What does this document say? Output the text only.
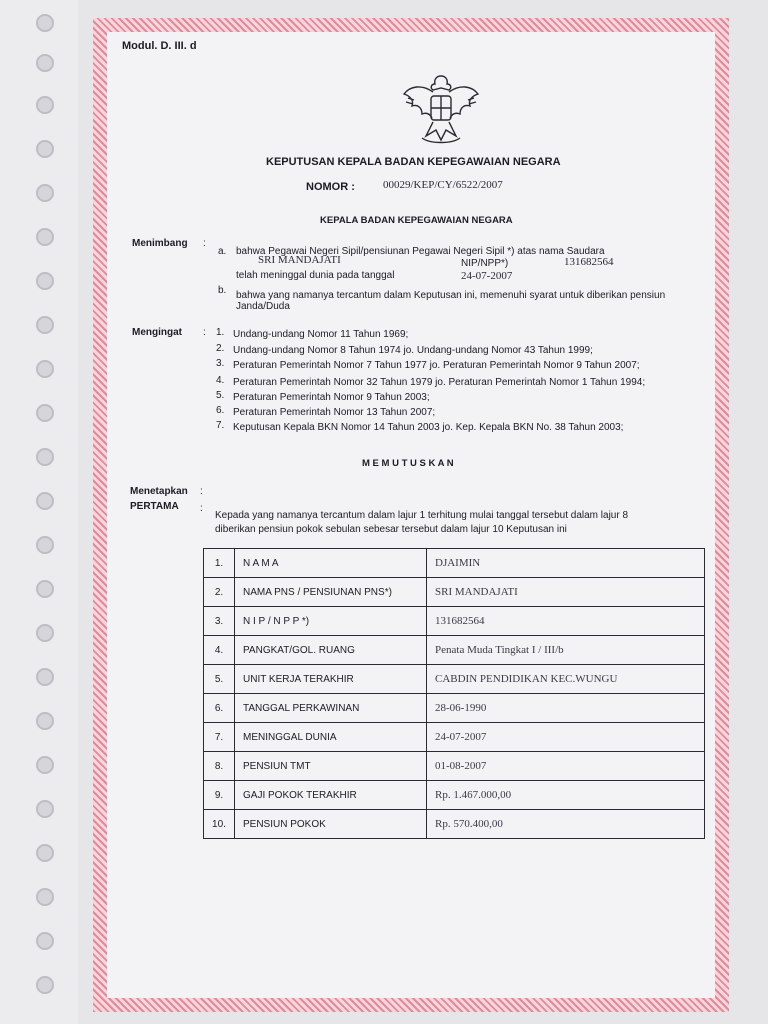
Modul. D. III. d
KEPUTUSAN KEPALA BADAN KEPEGAWAIAN NEGARA
NOMOR :	00029/KEP/CY/6522/2007
KEPALA BADAN KEPEGAWAIAN NEGARA
Menimbang :
a. bahwa Pegawai Negeri Sipil/pensiunan Pegawai Negeri Sipil *) atas nama Saudara
SRI MANDAJATI	NIP/NPP*)	131682564
telah meninggal dunia pada tanggal	24-07-2007
b. bahwa yang namanya tercantum dalam Keputusan ini, memenuhi syarat untuk diberikan pensiun
Janda/Duda
Mengingat : 1. Undang-undang Nomor 11 Tahun 1969;
2. Undang-undang Nomor 8 Tahun 1974 jo. Undang-undang Nomor 43 Tahun 1999;
3. Peraturan Pemerintah Nomor 7 Tahun 1977 jo. Peraturan Pemerintah Nomor 9 Tahun 2007;
4. Peraturan Pemerintah Nomor 32 Tahun 1979 jo. Peraturan Pemerintah Nomor 1 Tahun 1994;
5. Peraturan Pemerintah Nomor 9 Tahun 2003;
6. Peraturan Pemerintah Nomor 13 Tahun 2007;
7. Keputusan Kepala BKN Nomor 14 Tahun 2003 jo. Kep. Kepala BKN No. 38 Tahun 2003;
M E M U T U S K A N
Menetapkan :
PERTAMA :
Kepada yang namanya tercantum dalam lajur 1 terhitung mulai tanggal tersebut dalam lajur 8
diberikan pensiun pokok sebulan sebesar tersebut dalam lajur 10 Keputusan ini
1.	N A M A	DJAIMIN
2.	NAMA PNS / PENSIUNAN PNS*)	SRI MANDAJATI
3.	N I P / N P P *)	131682564
4.	PANGKAT/GOL. RUANG	Penata Muda Tingkat I / III/b
5.	UNIT KERJA TERAKHIR	CABDIN PENDIDIKAN KEC.WUNGU
6.	TANGGAL PERKAWINAN	28-06-1990
7.	MENINGGAL DUNIA	24-07-2007
8.	PENSIUN TMT	01-08-2007
9.	GAJI POKOK TERAKHIR	Rp. 1.467.000,00
10.	PENSIUN POKOK	Rp. 570.400,00
